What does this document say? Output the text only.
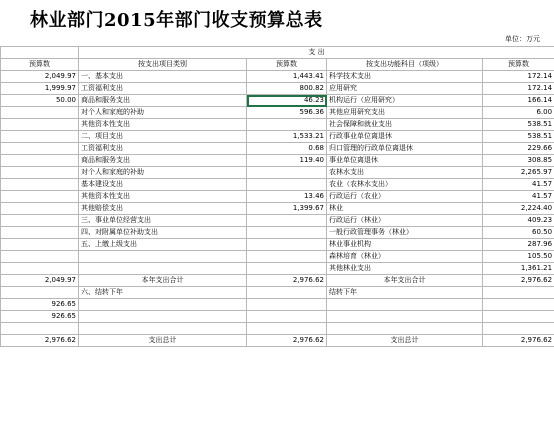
林业部门2015年部门收支预算总表
单位：万元
	支 出			
预算数	按支出项目类别	预算数	按支出功能科目（项级）	预算数
2,049.97	一、基本支出	1,443.41	科学技术支出	172.14
1,999.97	工资福利支出	800.82	应用研究	172.14
50.00	商品和服务支出	46.23	机构运行（应用研究）	166.14
	对个人和家庭的补助	596.36	其他应用研究支出	6.00
	其他资本性支出		社会保障和就业支出	538.51
	二、项目支出	1,533.21	行政事业单位离退休	538.51
	工资福利支出	0.68	归口管理的行政单位离退休	229.66
	商品和服务支出	119.40	事业单位离退休	308.85
	对个人和家庭的补助		农林水支出	2,265.97
	基本建设支出		农业（农林水支出）	41.57
	其他资本性支出	13.46	行政运行（农业）	41.57
	其他赔偿支出	1,399.67	林业	2,224.40
	三、事业单位经营支出		行政运行（林业）	409.23
	四、对附属单位补助支出		一般行政管理事务（林业）	60.50
	五、上缴上级支出		林业事业机构	287.96
			森林培育（林业）	105.50
			其他林业支出	1,361.21
2,049.97	本年支出合计	2,976.62	本年支出合计	2,976.62
	六、结转下年		结转下年	
926.65				
926.65				

2,976.62	支出总计	2,976.62	支出总计	2,976.62
